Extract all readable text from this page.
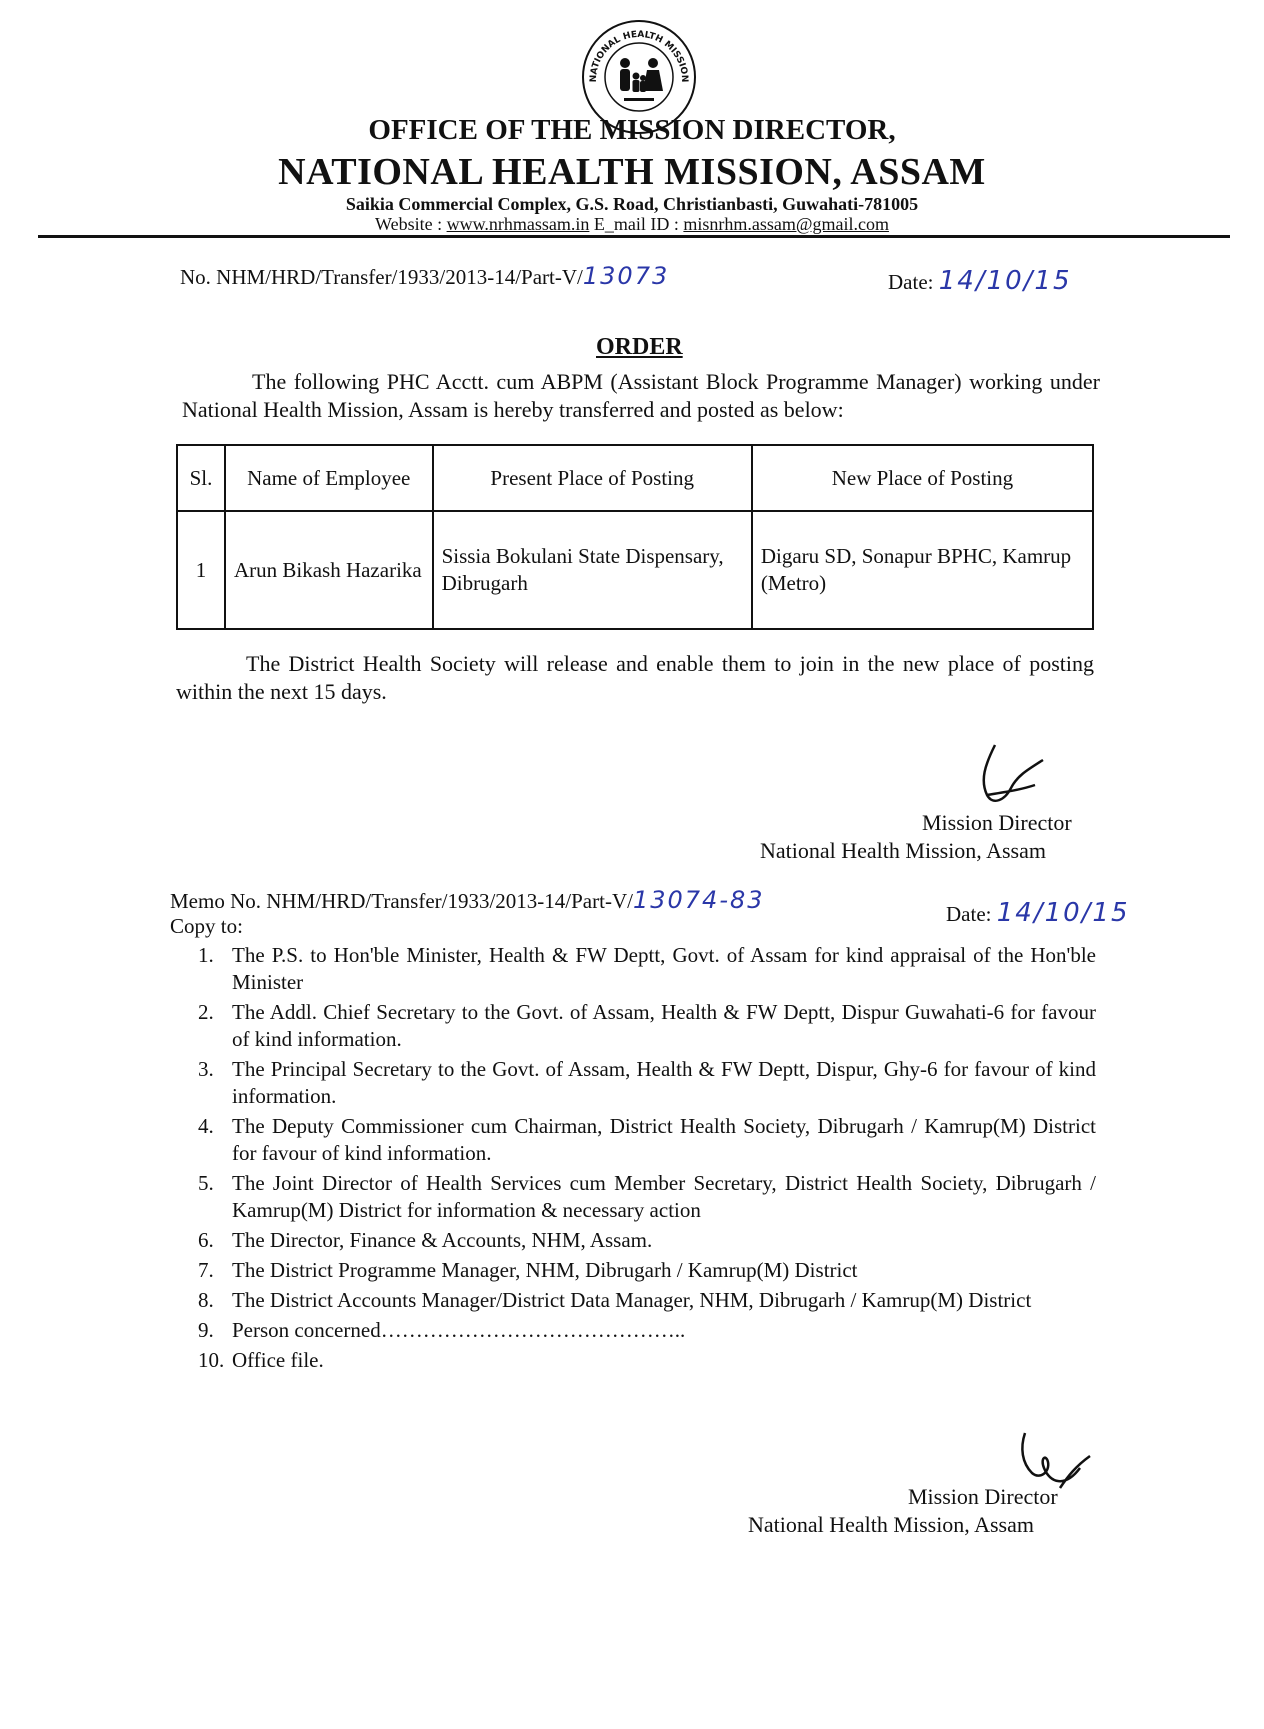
NATIONAL HEALTH MISSION
OFFICE OF THE MISSION DIRECTOR,
NATIONAL HEALTH MISSION, ASSAM
Saikia Commercial Complex, G.S. Road, Christianbasti, Guwahati-781005
Website : www.nrhmassam.in E_mail ID : misnrhm.assam@gmail.com
No. NHM/HRD/Transfer/1933/2013-14/Part-V/13073	Date: 14/10/15
ORDER
The following PHC Acctt. cum ABPM (Assistant Block Programme Manager) working under National Health Mission, Assam is hereby transferred and posted as below:
Sl.	Name of Employee	Present Place of Posting	New Place of Posting
1	Arun Bikash Hazarika	Sissia Bokulani State Dispensary, Dibrugarh	Digaru SD, Sonapur BPHC, Kamrup (Metro)
The District Health Society will release and enable them to join in the new place of posting within the next 15 days.
Mission Director
National Health Mission, Assam
Memo No. NHM/HRD/Transfer/1933/2013-14/Part-V/13074-83	Date: 14/10/15
Copy to:
1. The P.S. to Hon'ble Minister, Health & FW Deptt, Govt. of Assam for kind appraisal of the Hon'ble Minister
2. The Addl. Chief Secretary to the Govt. of Assam, Health & FW Deptt, Dispur Guwahati-6 for favour of kind information.
3. The Principal Secretary to the Govt. of Assam, Health & FW Deptt, Dispur, Ghy-6 for favour of kind information.
4. The Deputy Commissioner cum Chairman, District Health Society, Dibrugarh / Kamrup(M) District for favour of kind information.
5. The Joint Director of Health Services cum Member Secretary, District Health Society, Dibrugarh / Kamrup(M) District for information & necessary action
6. The Director, Finance & Accounts, NHM, Assam.
7. The District Programme Manager, NHM, Dibrugarh / Kamrup(M) District
8. The District Accounts Manager/District Data Manager, NHM, Dibrugarh / Kamrup(M) District
9. Person concerned……………………………………..
10. Office file.
Mission Director
National Health Mission, Assam
